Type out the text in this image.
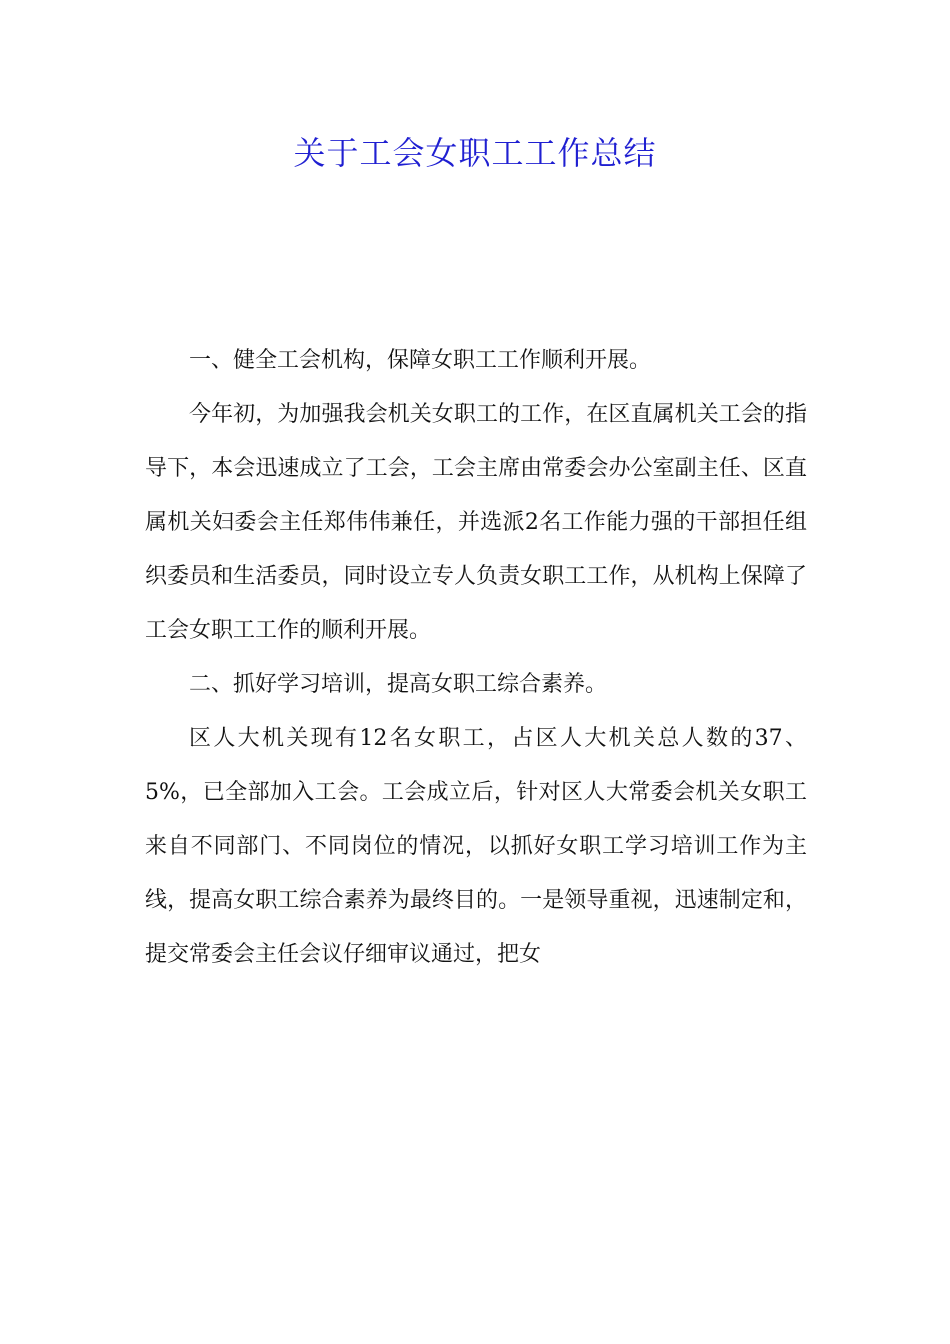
关于工会女职工工作总结

一、健全工会机构，保障女职工工作顺利开展。

今年初，为加强我会机关女职工的工作，在区直属机关工会的指导下，本会迅速成立了工会，工会主席由常委会办公室副主任、区直属机关妇委会主任郑伟伟兼任，并选派2名工作能力强的干部担任组织委员和生活委员，同时设立专人负责女职工工作，从机构上保障了工会女职工工作的顺利开展。

二、抓好学习培训，提高女职工综合素养。

区人大机关现有12名女职工，占区人大机关总人数的37、5%，已全部加入工会。工会成立后，针对区人大常委会机关女职工来自不同部门、不同岗位的情况，以抓好女职工学习培训工作为主线，提高女职工综合素养为最终目的。一是领导重视，迅速制定和，提交常委会主任会议仔细审议通过，把女
